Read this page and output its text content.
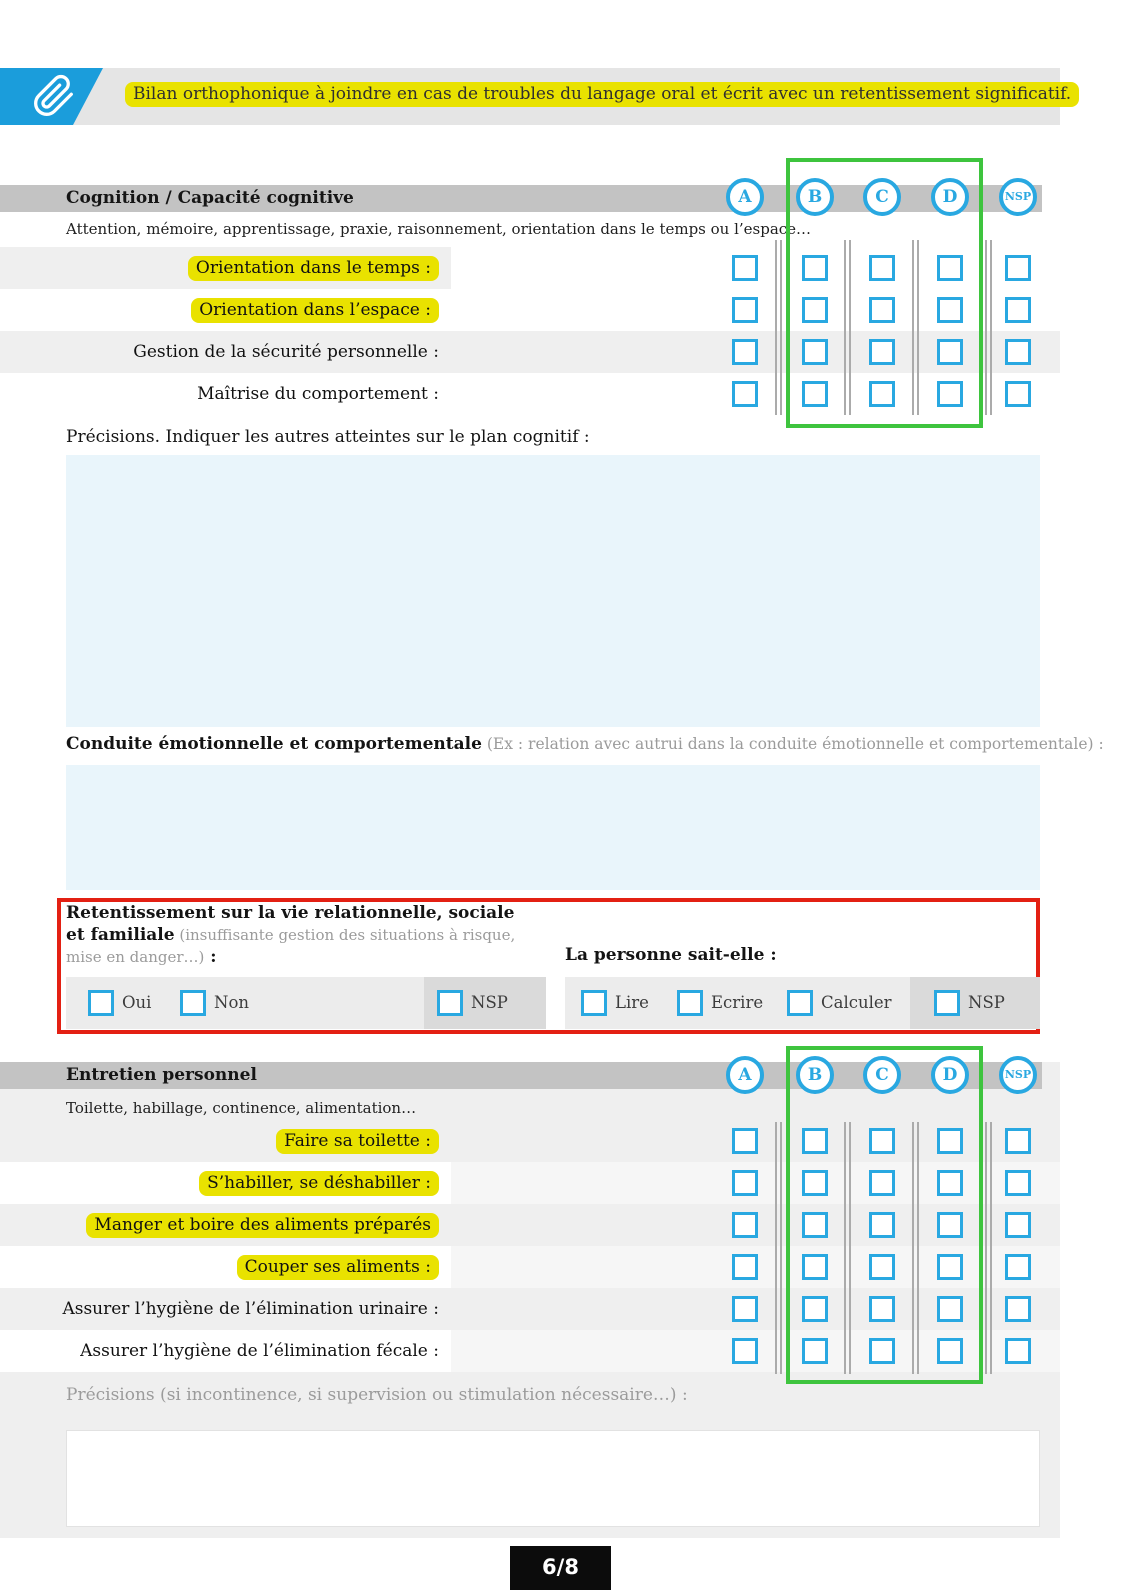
Bilan orthophonique à joindre en cas de troubles du langage oral et écrit avec un retentissement significatif.
Cognition / Capacité cognitive	A	B	C	D	NSP
Attention, mémoire, apprentissage, praxie, raisonnement, orientation dans le temps ou l’espace…
Orientation dans le temps :
Orientation dans l’espace :
Gestion de la sécurité personnelle :
Maîtrise du comportement :
Précisions. Indiquer les autres atteintes sur le plan cognitif :
Conduite émotionnelle et comportementale (Ex : relation avec autrui dans la conduite émotionnelle et comportementale) :
Retentissement sur la vie relationnelle, sociale
et familiale (insuffisante gestion des situations à risque,
mise en danger…) :	La personne sait-elle :
Oui	Non	NSP	Lire	Ecrire	Calculer	NSP
Entretien personnel	A	B	C	D	NSP
Toilette, habillage, continence, alimentation…
Faire sa toilette :
S’habiller, se déshabiller :
Manger et boire des aliments préparés
Couper ses aliments :
Assurer l’hygiène de l’élimination urinaire :
Assurer l’hygiène de l’élimination fécale :
Précisions (si incontinence, si supervision ou stimulation nécessaire…) :
6/8
